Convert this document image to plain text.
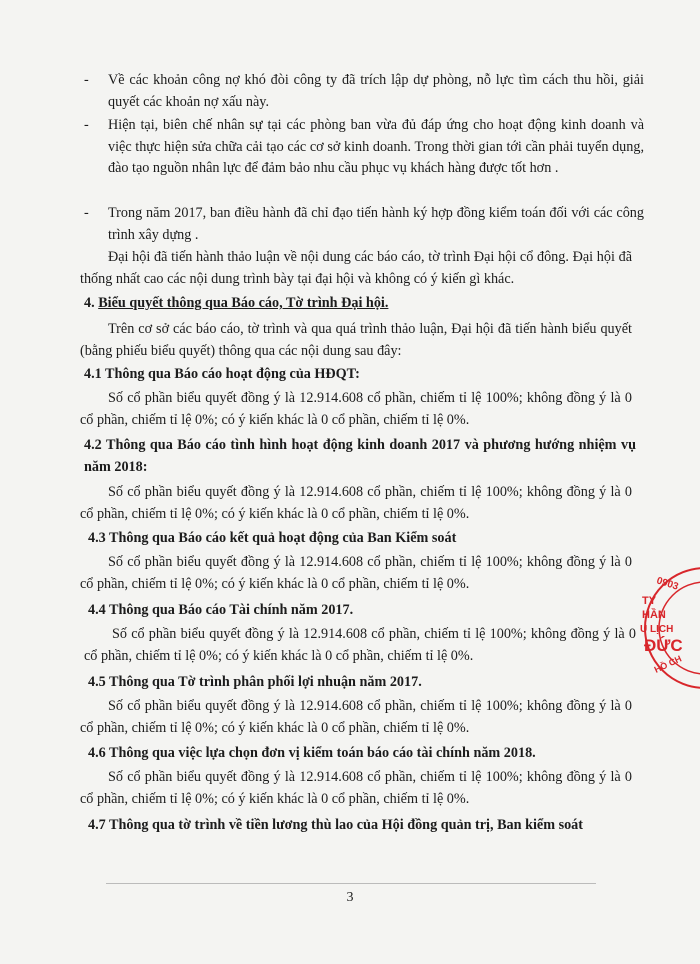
- Về các khoản công nợ khó đòi công ty đã trích lập dự phòng, nỗ lực tìm cách thu hồi, giải quyết các khoản nợ xấu này.
- Hiện tại, biên chế nhân sự tại các phòng ban vừa đủ đáp ứng cho hoạt động kinh doanh và việc thực hiện sửa chữa cải tạo các cơ sở kinh doanh. Trong thời gian tới cần phải tuyển dụng, đào tạo nguồn nhân lực để đảm bảo nhu cầu phục vụ khách hàng được tốt hơn .
- Trong năm 2017, ban điều hành đã chỉ đạo tiến hành ký hợp đồng kiểm toán đối với các công trình xây dựng .
Đại hội đã tiến hành thảo luận về nội dung các báo cáo, tờ trình Đại hội cổ đông. Đại hội đã thống nhất cao các nội dung trình bày tại đại hội và không có ý kiến gì khác.
4. Biểu quyết thông qua Báo cáo, Tờ trình Đại hội.
Trên cơ sở các báo cáo, tờ trình và qua quá trình thảo luận, Đại hội đã tiến hành biểu quyết (bằng phiếu biểu quyết) thông qua các nội dung sau đây:
4.1 Thông qua Báo cáo hoạt động của HĐQT:
Số cổ phần biểu quyết đồng ý là 12.914.608 cổ phần, chiếm tỉ lệ 100%; không đồng ý là 0 cổ phần, chiếm tỉ lệ 0%; có ý kiến khác là 0 cổ phần, chiếm tỉ lệ 0%.
4.2 Thông qua Báo cáo tình hình hoạt động kinh doanh 2017 và phương hướng nhiệm vụ năm 2018:
Số cổ phần biểu quyết đồng ý là 12.914.608 cổ phần, chiếm tỉ lệ 100%; không đồng ý là 0 cổ phần, chiếm tỉ lệ 0%; có ý kiến khác là 0 cổ phần, chiếm tỉ lệ 0%.
4.3 Thông qua Báo cáo kết quả hoạt động của Ban Kiểm soát
Số cổ phần biểu quyết đồng ý là 12.914.608 cổ phần, chiếm tỉ lệ 100%; không đồng ý là 0 cổ phần, chiếm tỉ lệ 0%; có ý kiến khác là 0 cổ phần, chiếm tỉ lệ 0%.
4.4 Thông qua Báo cáo Tài chính năm 2017.
Số cổ phần biểu quyết đồng ý là 12.914.608 cổ phần, chiếm tỉ lệ 100%; không đồng ý là 0 cổ phần, chiếm tỉ lệ 0%; có ý kiến khác là 0 cổ phần, chiếm tỉ lệ 0%.
4.5 Thông qua Tờ trình phân phối lợi nhuận năm 2017.
Số cổ phần biểu quyết đồng ý là 12.914.608 cổ phần, chiếm tỉ lệ 100%; không đồng ý là 0 cổ phần, chiếm tỉ lệ 0%; có ý kiến khác là 0 cổ phần, chiếm tỉ lệ 0%.
4.6 Thông qua việc lựa chọn đơn vị kiểm toán báo cáo tài chính năm 2018.
Số cổ phần biểu quyết đồng ý là 12.914.608 cổ phần, chiếm tỉ lệ 100%; không đồng ý là 0 cổ phần, chiếm tỉ lệ 0%; có ý kiến khác là 0 cổ phần, chiếm tỉ lệ 0%.
4.7 Thông qua tờ trình về tiền lương thù lao của Hội đồng quản trị, Ban kiểm soát
3
0903
TY
HẦN
U LỊCH
ĐỨC
HỒ CH
